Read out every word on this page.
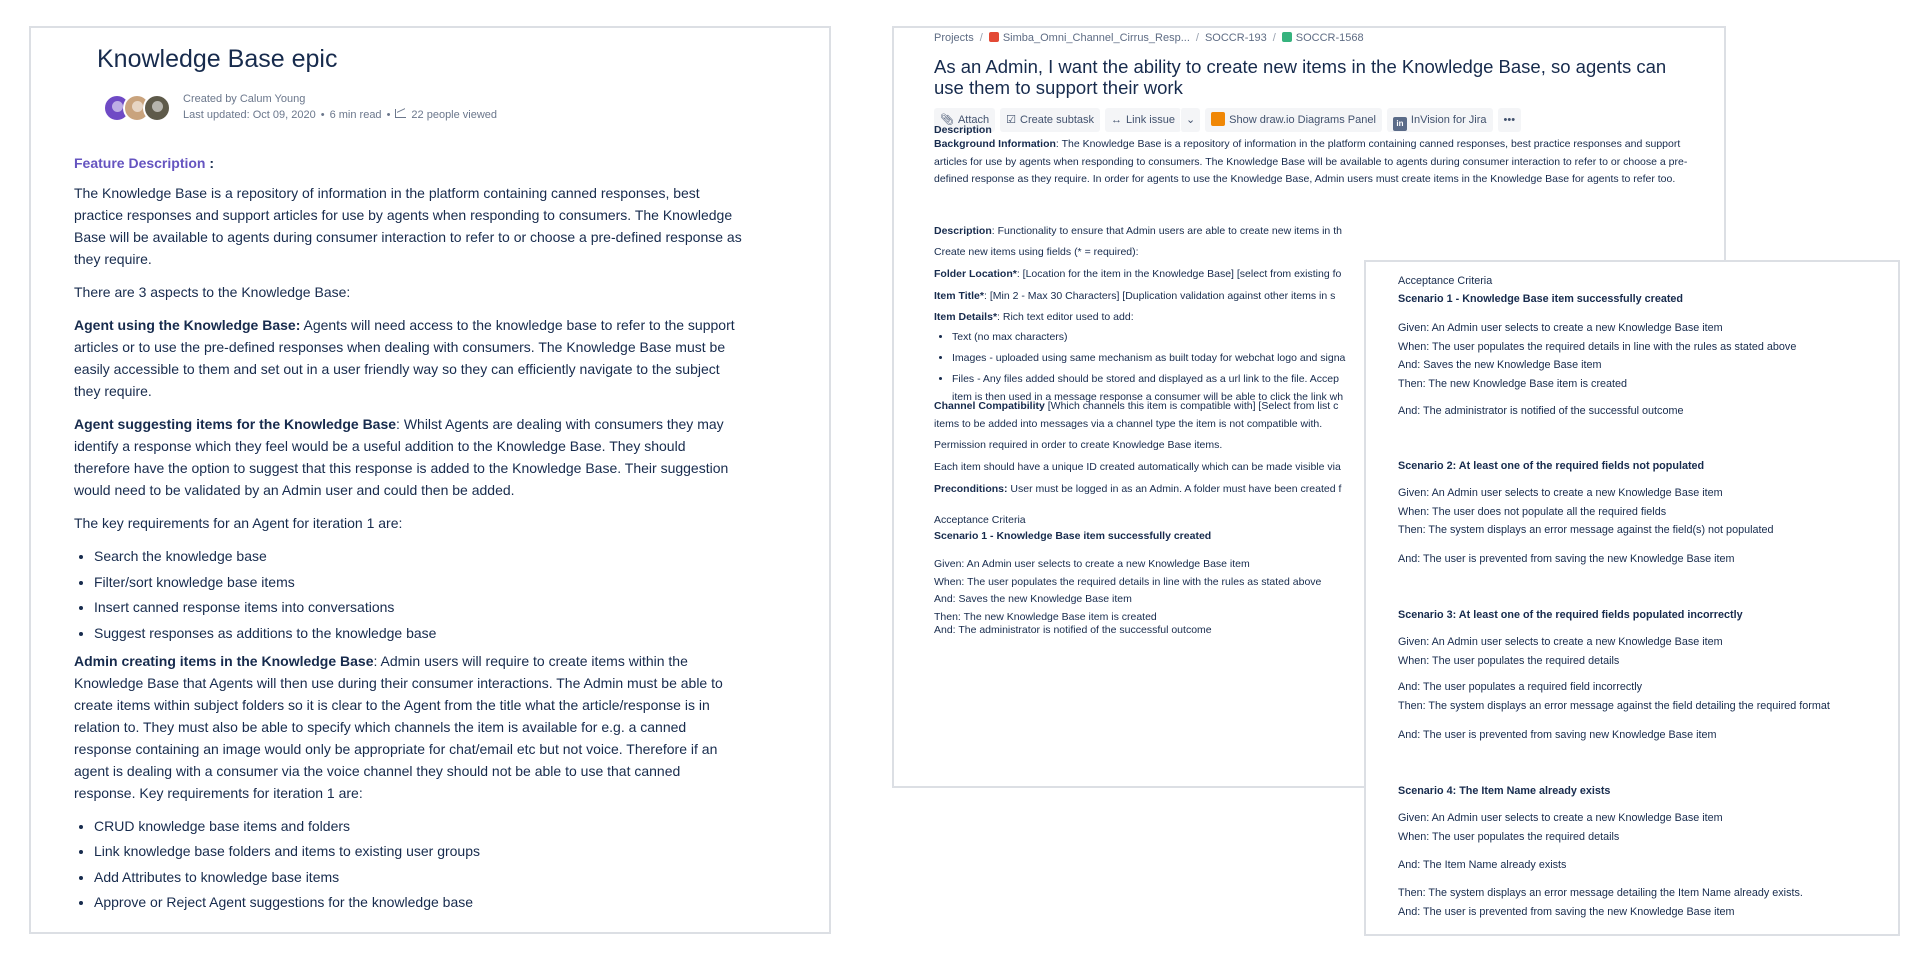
Knowledge Base epic
Created by Calum Young
Last updated: Oct 09, 2020 • 6 min read • 22 people viewed

Feature Description :

The Knowledge Base is a repository of information in the platform containing canned responses, best practice responses and support articles for use by agents when responding to consumers. The Knowledge Base will be available to agents during consumer interaction to refer to or choose a pre-defined response as they require.

There are 3 aspects to the Knowledge Base:

Agent using the Knowledge Base: Agents will need access to the knowledge base to refer to the support articles or to use the pre-defined responses when dealing with consumers. The Knowledge Base must be easily accessible to them and set out in a user friendly way so they can efficiently navigate to the subject they require.

Agent suggesting items for the Knowledge Base: Whilst Agents are dealing with consumers they may identify a response which they feel would be a useful addition to the Knowledge Base. They should therefore have the option to suggest that this response is added to the Knowledge Base. Their suggestion would need to be validated by an Admin user and could then be added.

The key requirements for an Agent for iteration 1 are:

• Search the knowledge base
• Filter/sort knowledge base items
• Insert canned response items into conversations
• Suggest responses as additions to the knowledge base

Admin creating items in the Knowledge Base: Admin users will require to create items within the Knowledge Base that Agents will then use during their consumer interactions. The Admin must be able to create items within subject folders so it is clear to the Agent from the title what the article/response is in relation to. They must also be able to specify which channels the item is available for e.g. a canned response containing an image would only be appropriate for chat/email etc but not voice. Therefore if an agent is dealing with a consumer via the voice channel they should not be able to use that canned response. Key requirements for iteration 1 are:

• CRUD knowledge base items and folders
• Link knowledge base folders and items to existing user groups
• Add Attributes to knowledge base items
• Approve or Reject Agent suggestions for the knowledge base
Projects / Simba_Omni_Channel_Cirrus_Resp... / SOCCR-193 / SOCCR-1568
As an Admin, I want the ability to create new items in the Knowledge Base, so agents can use them to support their work
📎︎ Attach ☑ Create subtask ↔ Link issue ⌄	Show draw.io Diagrams Panel	in InVision for Jira •••
Description
Background Information: The Knowledge Base is a repository of information in the platform containing canned responses, best practice responses and support articles for use by agents when responding to consumers. The Knowledge Base will be available to agents during consumer interaction to refer to or choose a pre-defined response as they require. In order for agents to use the Knowledge Base, Admin users must create items in the Knowledge Base for agents to refer too.
Description: Functionality to ensure that Admin users are able to create new items in th
Create new items using fields (* = required):
Folder Location*: [Location for the item in the Knowledge Base] [select from existing fo
Item Title*: [Min 2 - Max 30 Characters] [Duplication validation against other items in s
Item Details*: Rich text editor used to add:
• Text (no max characters)
• Images - uploaded using same mechanism as built today for webchat logo and signa
• Files - Any files added should be stored and displayed as a url link to the file. Accep
item is then used in a message response a consumer will be able to click the link wh
Channel Compatibility [Which channels this item is compatible with] [Select from list c
items to be added into messages via a channel type the item is not compatible with.
Permission required in order to create Knowledge Base items.
Each item should have a unique ID created automatically which can be made visible via
Preconditions: User must be logged in as an Admin. A folder must have been created f
Acceptance Criteria
Scenario 1 - Knowledge Base item successfully created
Given: An Admin user selects to create a new Knowledge Base item
When: The user populates the required details in line with the rules as stated above
And: Saves the new Knowledge Base item
Then: The new Knowledge Base item is created
And: The administrator is notified of the successful outcome
Acceptance Criteria
Scenario 1 - Knowledge Base item successfully created
Given: An Admin user selects to create a new Knowledge Base item
When: The user populates the required details in line with the rules as stated above
And: Saves the new Knowledge Base item
Then: The new Knowledge Base item is created
And: The administrator is notified of the successful outcome
Scenario 2: At least one of the required fields not populated
Given: An Admin user selects to create a new Knowledge Base item
When: The user does not populate all the required fields
Then: The system displays an error message against the field(s) not populated
And: The user is prevented from saving the new Knowledge Base item
Scenario 3: At least one of the required fields populated incorrectly
Given: An Admin user selects to create a new Knowledge Base item
When: The user populates the required details
And: The user populates a required field incorrectly
Then: The system displays an error message against the field detailing the required format
And: The user is prevented from saving new Knowledge Base item
Scenario 4: The Item Name already exists
Given: An Admin user selects to create a new Knowledge Base item
When: The user populates the required details
And: The Item Name already exists
Then: The system displays an error message detailing the Item Name already exists.
And: The user is prevented from saving the new Knowledge Base item
